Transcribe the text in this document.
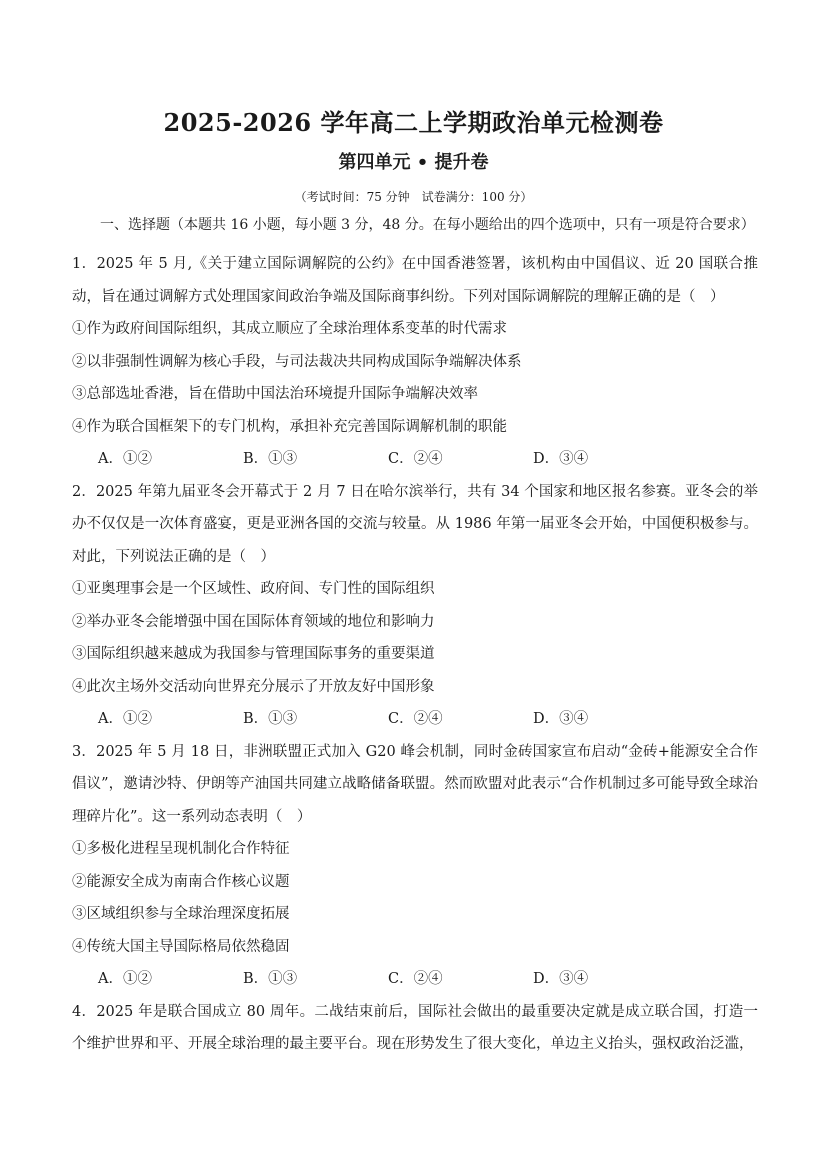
2025-2026 学年高二上学期政治单元检测卷
第四单元 • 提升卷
（考试时间：75 分钟　试卷满分：100 分）
一、选择题（本题共 16 小题，每小题 3 分，48 分。在每小题给出的四个选项中，只有一项是符合要求）

1．2025 年 5 月,《关于建立国际调解院的公约》在中国香港签署，该机构由中国倡议、近 20 国联合推动，旨在通过调解方式处理国家间政治争端及国际商事纠纷。下列对国际调解院的理解正确的是（　）

①作为政府间国际组织，其成立顺应了全球治理体系变革的时代需求

②以非强制性调解为核心手段，与司法裁决共同构成国际争端解决体系

③总部选址香港，旨在借助中国法治环境提升国际争端解决效率

④作为联合国框架下的专门机构，承担补充完善国际调解机制的职能

A．①②	B．①③	C．②④	D．③④

2．2025 年第九届亚冬会开幕式于 2 月 7 日在哈尔滨举行，共有 34 个国家和地区报名参赛。亚冬会的举办不仅仅是一次体育盛宴，更是亚洲各国的交流与较量。从 1986 年第一届亚冬会开始，中国便积极参与。对此，下列说法正确的是（　）

①亚奥理事会是一个区域性、政府间、专门性的国际组织

②举办亚冬会能增强中国在国际体育领域的地位和影响力

③国际组织越来越成为我国参与管理国际事务的重要渠道

④此次主场外交活动向世界充分展示了开放友好中国形象

A．①②	B．①③	C．②④	D．③④

3．2025 年 5 月 18 日，非洲联盟正式加入 G20 峰会机制，同时金砖国家宣布启动“金砖+能源安全合作倡议”，邀请沙特、伊朗等产油国共同建立战略储备联盟。然而欧盟对此表示“合作机制过多可能导致全球治理碎片化”。这一系列动态表明（　）

①多极化进程呈现机制化合作特征

②能源安全成为南南合作核心议题

③区域组织参与全球治理深度拓展

④传统大国主导国际格局依然稳固

A．①②	B．①③	C．②④	D．③④

4．2025 年是联合国成立 80 周年。二战结束前后，国际社会做出的最重要决定就是成立联合国，打造一个维护世界和平、开展全球治理的最主要平台。现在形势发生了很大变化，单边主义抬头，强权政治泛滥，
